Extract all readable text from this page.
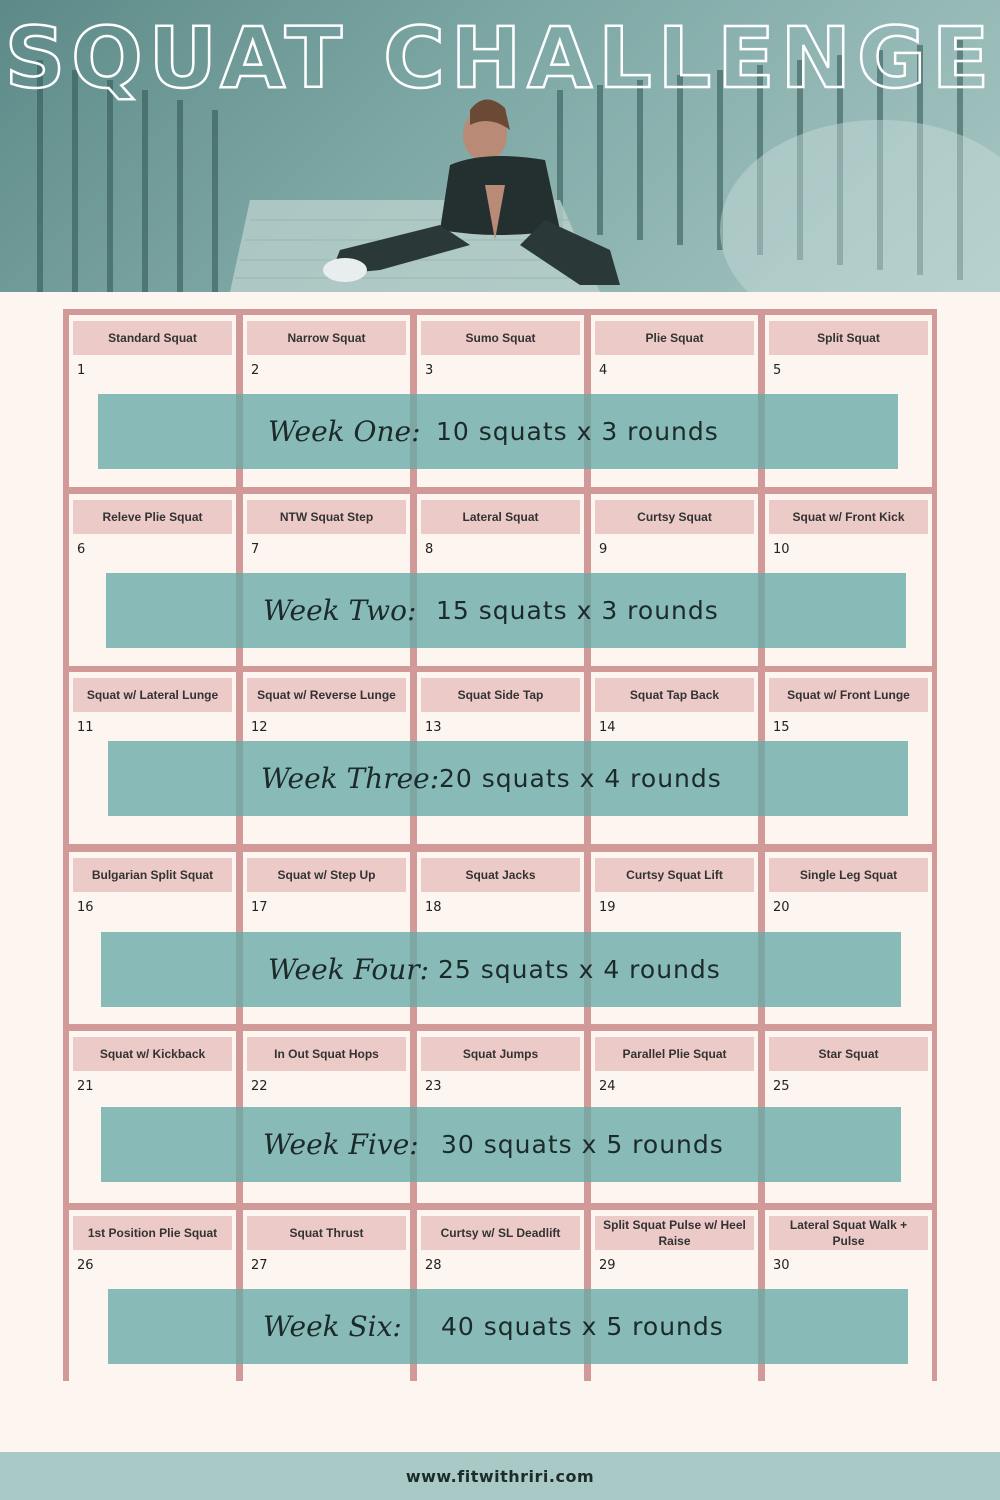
SQUAT CHALLENGE
Standard Squat
1
Narrow Squat
2
Sumo Squat
3
Plie Squat
4
Split Squat
5
Week One: 10 squats x 3 rounds
Releve Plie Squat
6
NTW Squat Step
7
Lateral Squat
8
Curtsy Squat
9
Squat w/ Front Kick
10
Week Two: 15 squats x 3 rounds
Squat w/ Lateral Lunge
11
Squat w/ Reverse Lunge
12
Squat Side Tap
13
Squat Tap Back
14
Squat w/ Front Lunge
15
Week Three: 20 squats x 4 rounds
Bulgarian Split Squat
16
Squat w/ Step Up
17
Squat Jacks
18
Curtsy Squat Lift
19
Single Leg Squat
20
Week Four: 25 squats x 4 rounds
Squat w/ Kickback
21
In Out Squat Hops
22
Squat Jumps
23
Parallel Plie Squat
24
Star Squat
25
Week Five: 30 squats x 5 rounds
1st Position Plie Squat
26
Squat Thrust
27
Curtsy w/ SL Deadlift
28
Split Squat Pulse w/ Heel Raise
29
Lateral Squat Walk + Pulse
30
Week Six: 40 squats x 5 rounds
www.fitwithriri.com
